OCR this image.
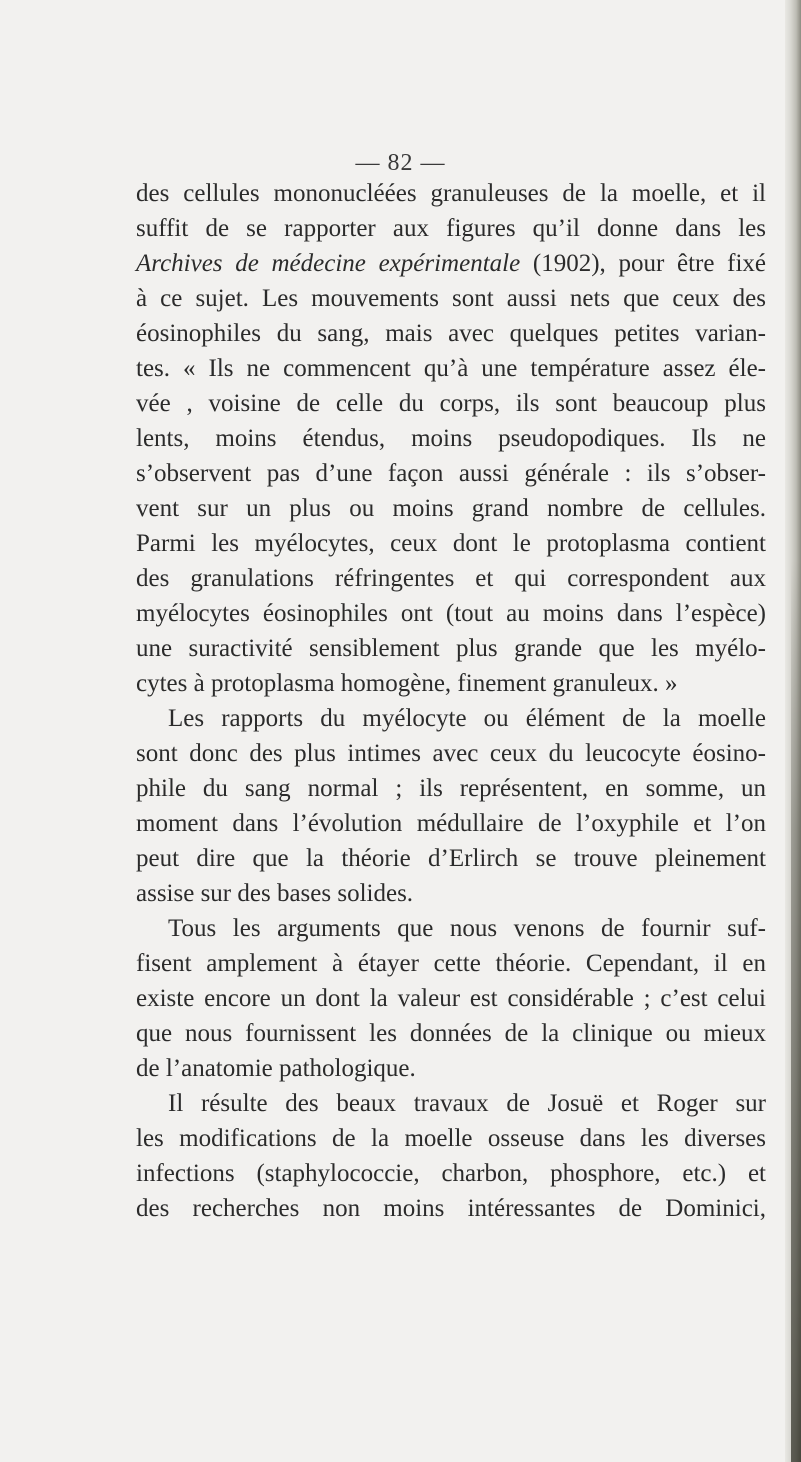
— 82 —
des cellules mononucléées granuleuses de la moelle, et il
suffit de se rapporter aux figures qu’il donne dans les
Archives de médecine expérimentale (1902), pour être fixé
à ce sujet. Les mouvements sont aussi nets que ceux des
éosinophiles du sang, mais avec quelques petites varian-
tes. « Ils ne commencent qu’à une température assez éle-
vée , voisine de celle du corps, ils sont beaucoup plus
lents, moins étendus, moins pseudopodiques. Ils ne
s’observent pas d’une façon aussi générale : ils s’obser-
vent sur un plus ou moins grand nombre de cellules.
Parmi les myélocytes, ceux dont le protoplasma contient
des granulations réfringentes et qui correspondent aux
myélocytes éosinophiles ont (tout au moins dans l’espèce)
une suractivité sensiblement plus grande que les myélo-
cytes à protoplasma homogène, finement granuleux. »
Les rapports du myélocyte ou élément de la moelle
sont donc des plus intimes avec ceux du leucocyte éosino-
phile du sang normal ; ils représentent, en somme, un
moment dans l’évolution médullaire de l’oxyphile et l’on
peut dire que la théorie d’Erlirch se trouve pleinement
assise sur des bases solides.
Tous les arguments que nous venons de fournir suf-
fisent amplement à étayer cette théorie. Cependant, il en
existe encore un dont la valeur est considérable ; c’est celui
que nous fournissent les données de la clinique ou mieux
de l’anatomie pathologique.
Il résulte des beaux travaux de Josuë et Roger sur
les modifications de la moelle osseuse dans les diverses
infections (staphylococcie, charbon, phosphore, etc.) et
des recherches non moins intéressantes de Dominici,
